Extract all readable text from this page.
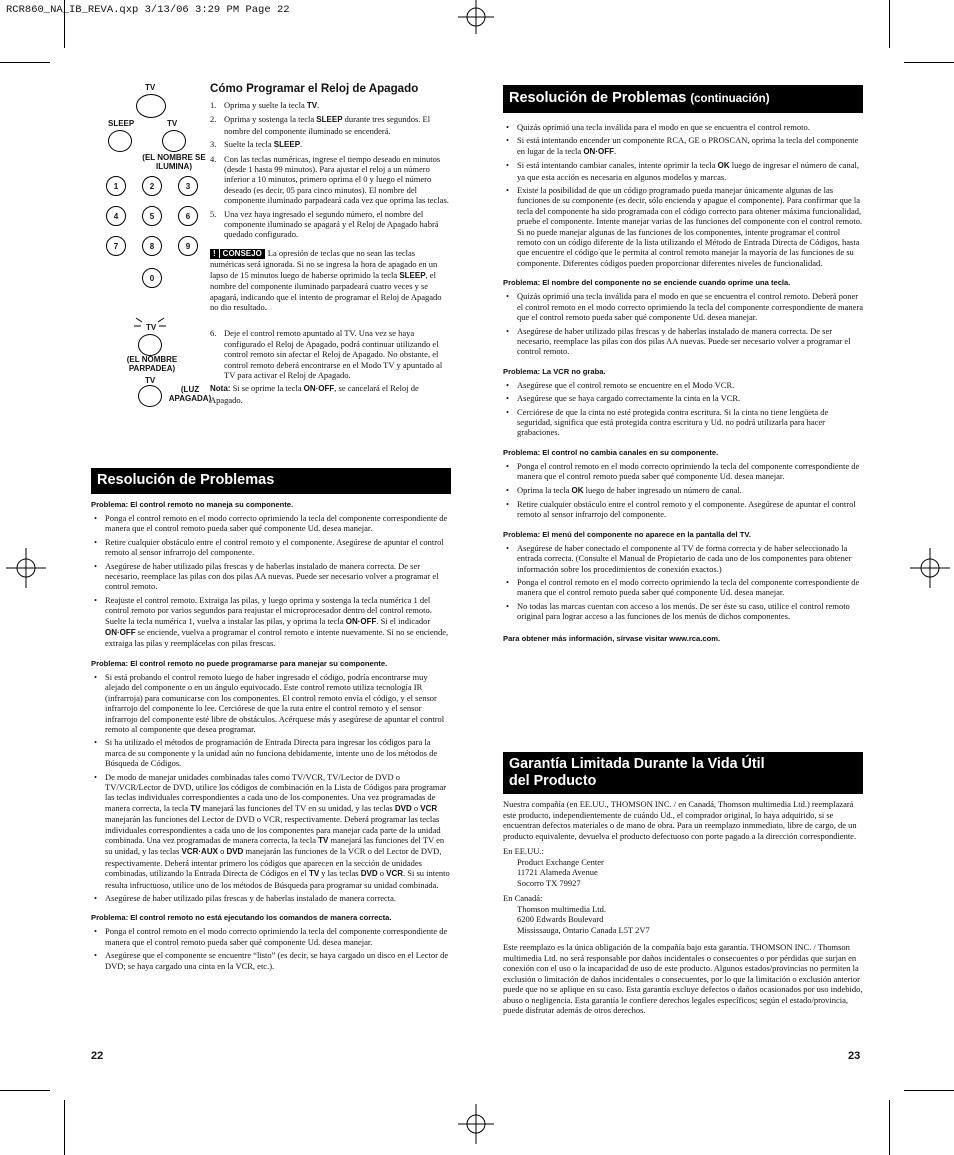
RCR860_NA_IB_REVA.qxp 3/13/06 3:29 PM Page 22
TV
SLEEP	TV
(EL NOMBRE SE ILUMINA)
1	2	3
4	5	6
7	8	9
0
TV
(EL NOMBRE PARPADEA)
TV
(LUZ APAGADA)
Cómo Programar el Reloj de Apagado
1. Oprima y suelte la tecla TV.
2. Oprima y sostenga la tecla SLEEP durante tres segundos. El nombre del componente iluminado se encenderá.
3. Suelte la tecla SLEEP.
4. Con las teclas numéricas, ingrese el tiempo deseado en minutos (desde 1 hasta 99 minutos). Para ajustar el reloj a un número inferior a 10 minutos, primero oprima el 0 y luego el número deseado (es decir, 05 para cinco minutos). El nombre del componente iluminado parpadeará cada vez que oprima las teclas.
5. Una vez haya ingresado el segundo número, el nombre del componente iluminado se apagará y el Reloj de Apagado habrá quedado configurado.
! CONSEJO La opresión de teclas que no sean las teclas numéricas será ignorada. Si no se ingresa la hora de apagado en un lapso de 15 minutos luego de haberse oprimido la tecla SLEEP, el nombre del componente iluminado parpadeará cuatro veces y se apagará, indicando que el intento de programar el Reloj de Apagado no dio resultado.
6. Deje el control remoto apuntado al TV. Una vez se haya configurado el Reloj de Apagado, podrá continuar utilizando el control remoto sin afectar el Reloj de Apagado. No obstante, el control remoto deberá encontrarse en el Modo TV y apuntado al TV para activar el Reloj de Apagado.
Nota: Si se oprime la tecla ON·OFF, se cancelará el Reloj de Apagado.
Resolución de Problemas
Problema: El control remoto no maneja su componente.
• Ponga el control remoto en el modo correcto oprimiendo la tecla del componente correspondiente de manera que el control remoto pueda saber qué componente Ud. desea manejar.
• Retire cualquier obstáculo entre el control remoto y el componente. Asegúrese de apuntar el control remoto al sensor infrarrojo del componente.
• Asegúrese de haber utilizado pilas frescas y de haberlas instalado de manera correcta. De ser necesario, reemplace las pilas con dos pilas AA nuevas. Puede ser necesario volver a programar el control remoto.
• Reajuste el control remoto. Extraiga las pilas, y luego oprima y sostenga la tecla numérica 1 del control remoto por varios segundos para reajustar el microprocesador dentro del control remoto. Suelte la tecla numérica 1, vuelva a instalar las pilas, y oprima la tecla ON·OFF. Si el indicador ON·OFF se enciende, vuelva a programar el control remoto e intente nuevamente. Si no se enciende, extraiga las pilas y reemplácelas con pilas frescas.
Problema: El control remoto no puede programarse para manejar su componente.
• Si está probando el control remoto luego de haber ingresado el código, podría encontrarse muy alejado del componente o en un ángulo equivocado. Este control remoto utiliza tecnología IR (infrarroja) para comunicarse con los componentes. El control remoto envía el código, y el sensor infrarrojo del componente lo lee. Cerciórese de que la ruta entre el control remoto y el sensor infrarrojo del componente esté libre de obstáculos. Acérquese más y asegúrese de apuntar el control remoto al componente que desea programar.
• Si ha utilizado el métodos de programación de Entrada Directa para ingresar los códigos para la marca de su componente y la unidad aún no funciona debidamente, intente uno de los métodos de Búsqueda de Códigos.
• De modo de manejar unidades combinadas tales como TV/VCR, TV/Lector de DVD o TV/VCR/Lector de DVD, utilice los códigos de combinación en la Lista de Códigos para programar las teclas individuales correspondientes a cada uno de los componentes. Una vez programadas de manera correcta, la tecla TV manejará las funciones del TV en su unidad, y las teclas DVD o VCR manejarán las funciones del Lector de DVD o VCR, respectivamente. Deberá programar las teclas individuales correspondientes a cada uno de los componentes para manejar cada parte de la unidad combinada. Una vez programadas de manera correcta, la tecla TV manejará las funciones del TV en su unidad, y las teclas VCR·AUX o DVD manejarán las funciones de la VCR o del Lector de DVD, respectivamente. Deberá intentar primero los códigos que aparecen en la sección de unidades combinadas, utilizando la Entrada Directa de Códigos en el TV y las teclas DVD o VCR. Si su intento resulta infructuoso, utilice uno de los métodos de Búsqueda para programar su unidad combinada.
• Asegúrese de haber utilizado pilas frescas y de haberlas instalado de manera correcta.
Problema: El control remoto no está ejecutando los comandos de manera correcta.
• Ponga el control remoto en el modo correcto oprimiendo la tecla del componente correspondiente de manera que el control remoto pueda saber qué componente Ud. desea manejar.
• Asegúrese que el componente se encuentre “listo” (es decir, se haya cargado un disco en el Lector de DVD; se haya cargado una cinta en la VCR, etc.).
Resolución de Problemas (continuación)
• Quizás oprimió una tecla inválida para el modo en que se encuentra el control remoto.
• Si está intentando encender un componente RCA, GE o PROSCAN, oprima la tecla del componente en lugar de la tecla ON·OFF.
• Si está intentando cambiar canales, intente oprimir la tecla OK luego de ingresar el número de canal, ya que esta acción es necesaria en algunos modelos y marcas.
• Existe la posibilidad de que un código programado pueda manejar únicamente algunas de las funciones de su componente (es decir, sólo encienda y apague el componente). Para confirmar que la tecla del componente ha sido programada con el código correcto para obtener máxima funcionalidad, pruebe el componente. Intente manejar varias de las funciones del componente con el control remoto. Si no puede manejar algunas de las funciones de los componentes, intente programar el control remoto con un código diferente de la lista utilizando el Método de Entrada Directa de Códigos, hasta que encuentre el código que le permita al control remoto manejar la mayoría de las funciones de su componente. Diferentes códigos pueden proporcionar diferentes niveles de funcionalidad.
Problema: El nombre del componente no se enciende cuando oprime una tecla.
• Quizás oprimió una tecla inválida para el modo en que se encuentra el control remoto. Deberá poner el control remoto en el modo correcto oprimiendo la tecla del componente correspondiente de manera que el control remoto pueda saber qué componente Ud. desea manejar.
• Asegúrese de haber utilizado pilas frescas y de haberlas instalado de manera correcta. De ser necesario, reemplace las pilas con dos pilas AA nuevas. Puede ser necesario volver a programar el control remoto.
Problema: La VCR no graba.
• Asegúrese que el control remoto se encuentre en el Modo VCR.
• Asegúrese que se haya cargado correctamente la cinta en la VCR.
• Cerciórese de que la cinta no esté protegida contra escritura. Si la cinta no tiene lengüeta de seguridad, significa que está protegida contra escritura y Ud. no podrá utilizarla para hacer grabaciones.
Problema: El control no cambia canales en su componente.
• Ponga el control remoto en el modo correcto oprimiendo la tecla del componente correspondiente de manera que el control remoto pueda saber qué componente Ud. desea manejar.
• Oprima la tecla OK luego de haber ingresado un número de canal.
• Retire cualquier obstáculo entre el control remoto y el componente. Asegúrese de apuntar el control remoto al sensor infrarrojo del componente.
Problema: El menú del componente no aparece en la pantalla del TV.
• Asegúrese de haber conectado el componente al TV de forma correcta y de haber seleccionado la entrada correcta. (Consulte el Manual de Propietario de cada uno de los componentes para obtener información sobre los procedimientos de conexión exactos.)
• Ponga el control remoto en el modo correcto oprimiendo la tecla del componente correspondiente de manera que el control remoto pueda saber qué componente Ud. desea manejar.
• No todas las marcas cuentan con acceso a los menús. De ser éste su caso, utilice el control remoto original para lograr acceso a las funciones de los menús de dichos componentes.
Para obtener más información, sírvase visitar www.rca.com.
Garantía Limitada Durante la Vida Útil
del Producto
Nuestra compañía (en EE.UU., THOMSON INC. / en Canadá, Thomson multimedia Ltd.) reemplazará este producto, independientemente de cuándo Ud., el comprador original, lo haya adquirido, si se encuentran defectos materiales o de mano de obra. Para un reemplazo inmmediato, libre de cargo, de un producto equivalente, devuelva el producto defectuoso con porte pagado a la dirección correspondiente.
En EE.UU.:
Product Exchange Center
11721 Alameda Avenue
Socorro TX 79927
En Canadá:
Thomson multimedia Ltd.
6200 Edwards Boulevard
Mississauga, Ontario Canada L5T 2V7
Este reemplazo es la única obligación de la compañía bajo esta garantía. THOMSON INC. / Thomson multimedia Ltd. no será responsable por daños incidentales o consecuentes o por pérdidas que surjan en conexión con el uso o la incapacidad de uso de este producto. Algunos estados/provincias no permiten la exclusión o limitación de daños incidentales o consecuentes, por lo que la limitación o exclusión anterior puede que no se aplique en su caso. Esta garantía excluye defectos o daños ocasionados por uso indebido, abuso o negligencia. Esta garantía le confiere derechos legales específicos; según el estado/provincia, puede disfrutar además de otros derechos.
22	23
